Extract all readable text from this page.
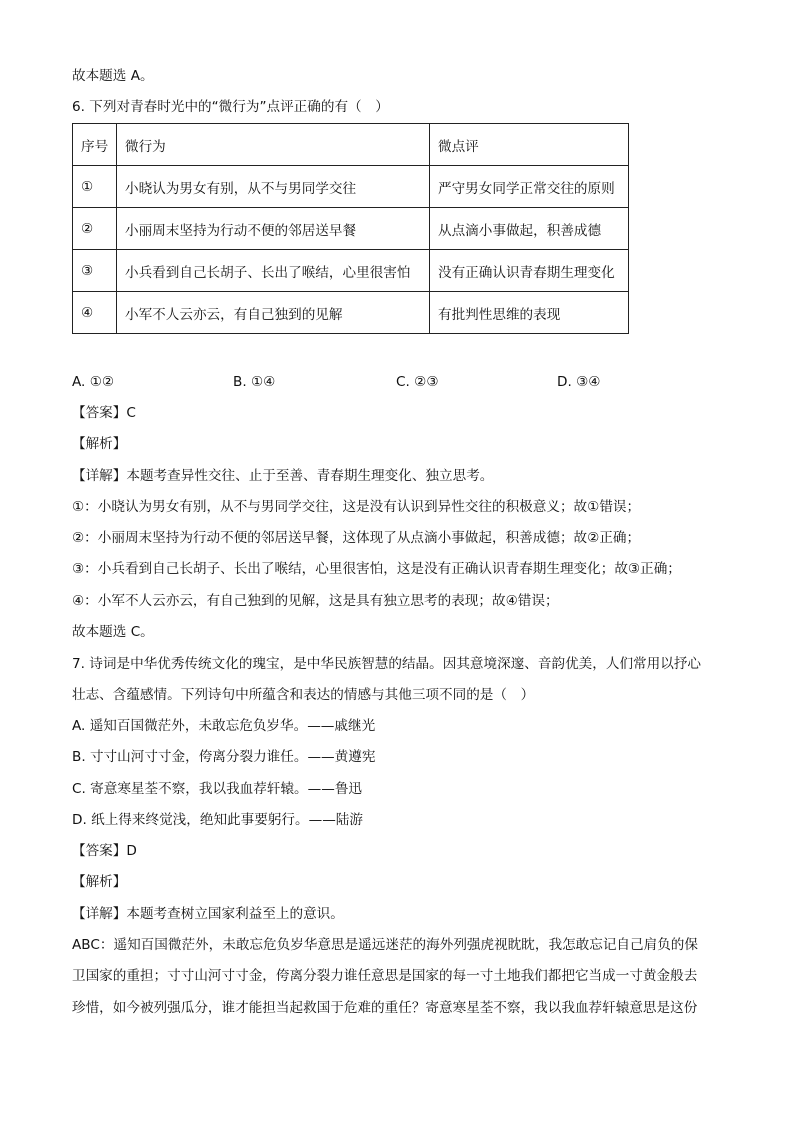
故本题选 A。
6. 下列对青春时光中的“微行为”点评正确的有（　）
序号	微行为	微点评
①	小晓认为男女有别，从不与男同学交往	严守男女同学正常交往的原则
②	小丽周末坚持为行动不便的邻居送早餐	从点滴小事做起，积善成德
③	小兵看到自己长胡子、长出了喉结，心里很害怕	没有正确认识青春期生理变化
④	小军不人云亦云，有自己独到的见解	有批判性思维的表现
A. ①②	B. ①④	C. ②③	D. ③④
【答案】C
【解析】
【详解】本题考查异性交往、止于至善、青春期生理变化、独立思考。
①：小晓认为男女有别，从不与男同学交往，这是没有认识到异性交往的积极意义；故①错误；
②：小丽周末坚持为行动不便的邻居送早餐，这体现了从点滴小事做起，积善成德；故②正确；
③：小兵看到自己长胡子、长出了喉结，心里很害怕，这是没有正确认识青春期生理变化；故③正确；
④：小军不人云亦云，有自己独到的见解，这是具有独立思考的表现；故④错误；
故本题选 C。
7. 诗词是中华优秀传统文化的瑰宝，是中华民族智慧的结晶。因其意境深邃、音韵优美，人们常用以抒心
壮志、含蕴感情。下列诗句中所蕴含和表达的情感与其他三项不同的是（　）
A. 遥知百国微茫外，未敢忘危负岁华。——戚继光
B. 寸寸山河寸寸金，侉离分裂力谁任。——黄遵宪
C. 寄意寒星荃不察，我以我血荐轩辕。——鲁迅
D. 纸上得来终觉浅，绝知此事要躬行。——陆游
【答案】D
【解析】
【详解】本题考查树立国家利益至上的意识。
ABC：遥知百国微茫外，未敢忘危负岁华意思是遥远迷茫的海外列强虎视眈眈，我怎敢忘记自己肩负的保
卫国家的重担；寸寸山河寸寸金，侉离分裂力谁任意思是国家的每一寸土地我们都把它当成一寸黄金般去
珍惜，如今被列强瓜分，谁才能担当起救国于危难的重任？寄意寒星荃不察，我以我血荐轩辕意思是这份
